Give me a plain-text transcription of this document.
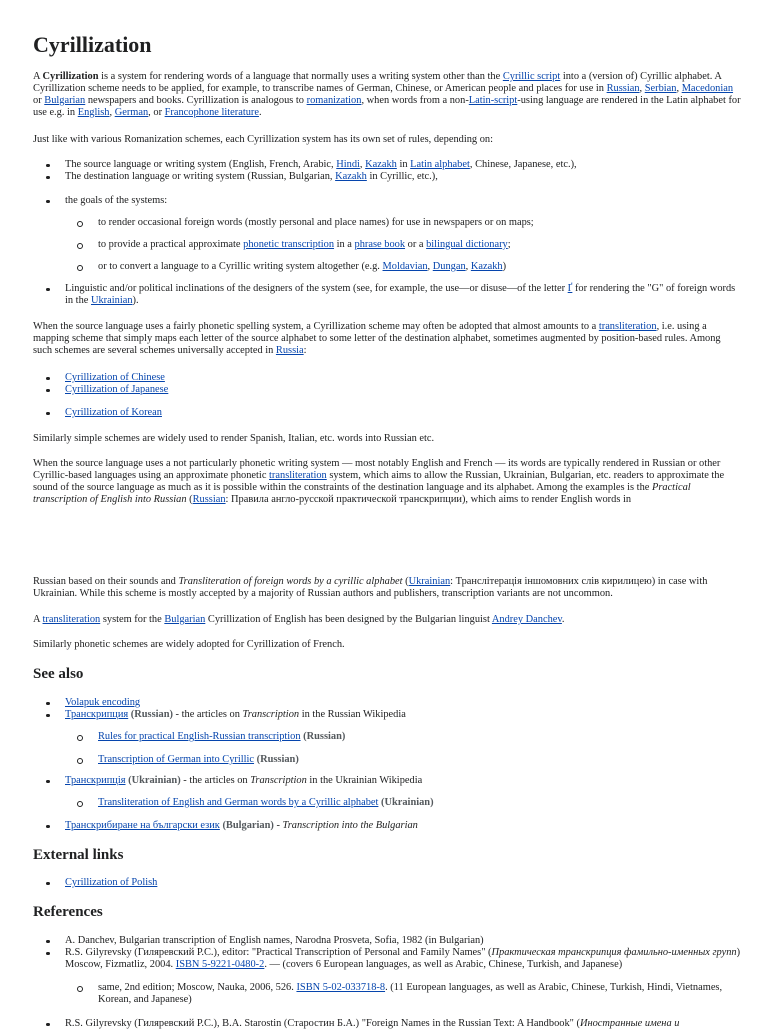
Cyrillization

A Cyrillization is a system for rendering words of a language that normally uses a writing system other than the Cyrillic script into a (version of) Cyrillic alphabet. A Cyrillization scheme needs to be applied, for example, to transcribe names of German, Chinese, or American people and places for use in Russian, Serbian, Macedonian or Bulgarian newspapers and books. Cyrillization is analogous to romanization, when words from a non-Latin-script-using language are rendered in the Latin alphabet for use e.g. in English, German, or Francophone literature.

Just like with various Romanization schemes, each Cyrillization system has its own set of rules, depending on:

The source language or writing system (English, French, Arabic, Hindi, Kazakh in Latin alphabet, Chinese, Japanese, etc.),
The destination language or writing system (Russian, Bulgarian, Kazakh in Cyrillic, etc.),
the goals of the systems:
to render occasional foreign words (mostly personal and place names) for use in newspapers or on maps;
to provide a practical approximate phonetic transcription in a phrase book or a bilingual dictionary;
or to convert a language to a Cyrillic writing system altogether (e.g. Moldavian, Dungan, Kazakh)
Linguistic and/or political inclinations of the designers of the system (see, for example, the use—or disuse—of the letter Ґ for rendering the "G" of foreign words in the Ukrainian).

When the source language uses a fairly phonetic spelling system, a Cyrillization scheme may often be adopted that almost amounts to a transliteration, i.e. using a mapping scheme that simply maps each letter of the source alphabet to some letter of the destination alphabet, sometimes augmented by position-based rules. Among such schemes are several schemes universally accepted in Russia:

Cyrillization of Chinese
Cyrillization of Japanese
Cyrillization of Korean

Similarly simple schemes are widely used to render Spanish, Italian, etc. words into Russian etc.

When the source language uses a not particularly phonetic writing system — most notably English and French — its words are typically rendered in Russian or other Cyrillic-based languages using an approximate phonetic transliteration system, which aims to allow the Russian, Ukrainian, Bulgarian, etc. readers to approximate the sound of the source language as much as it is possible within the constraints of the destination language and its alphabet. Among the examples is the Practical transcription of English into Russian (Russian: Правила англо-русской практической транскрипции), which aims to render English words in

Russian based on their sounds and Transliteration of foreign words by a cyrillic alphabet (Ukrainian: Транслітерація іншомовних слів кирилицею) in case with Ukrainian. While this scheme is mostly accepted by a majority of Russian authors and publishers, transcription variants are not uncommon.

A transliteration system for the Bulgarian Cyrillization of English has been designed by the Bulgarian linguist Andrey Danchev.

Similarly phonetic schemes are widely adopted for Cyrillization of French.

See also
Volapuk encoding
Транскрипция (Russian) - the articles on Transcription in the Russian Wikipedia
Rules for practical English-Russian transcription (Russian)
Transcription of German into Cyrillic (Russian)
Транскрипція (Ukrainian) - the articles on Transcription in the Ukrainian Wikipedia
Transliteration of English and German words by a Cyrillic alphabet (Ukrainian)
Транскрибиране на български език (Bulgarian) - Transcription into the Bulgarian
External links
Cyrillization of Polish
References
A. Danchev, Bulgarian transcription of English names, Narodna Prosveta, Sofia, 1982 (in Bulgarian)
R.S. Gilyrevsky (Гиляревский Р.С.), editor: "Practical Transcription of Personal and Family Names" (Практическая транскрипция фамильно-именных групп) Moscow, Fizmatliz, 2004. ISBN 5-9221-0480-2. — (covers 6 European languages, as well as Arabic, Chinese, Turkish, and Japanese)
same, 2nd edition; Moscow, Nauka, 2006, 526. ISBN 5-02-033718-8. (11 European languages, as well as Arabic, Chinese, Turkish, Hindi, Vietnames, Korean, and Japanese)
R.S. Gilyrevsky (Гиляревский Р.С.), B.A. Starostin (Старостин Б.А.) "Foreign Names in the Russian Text: A Handbook" (Иностранные имена и
